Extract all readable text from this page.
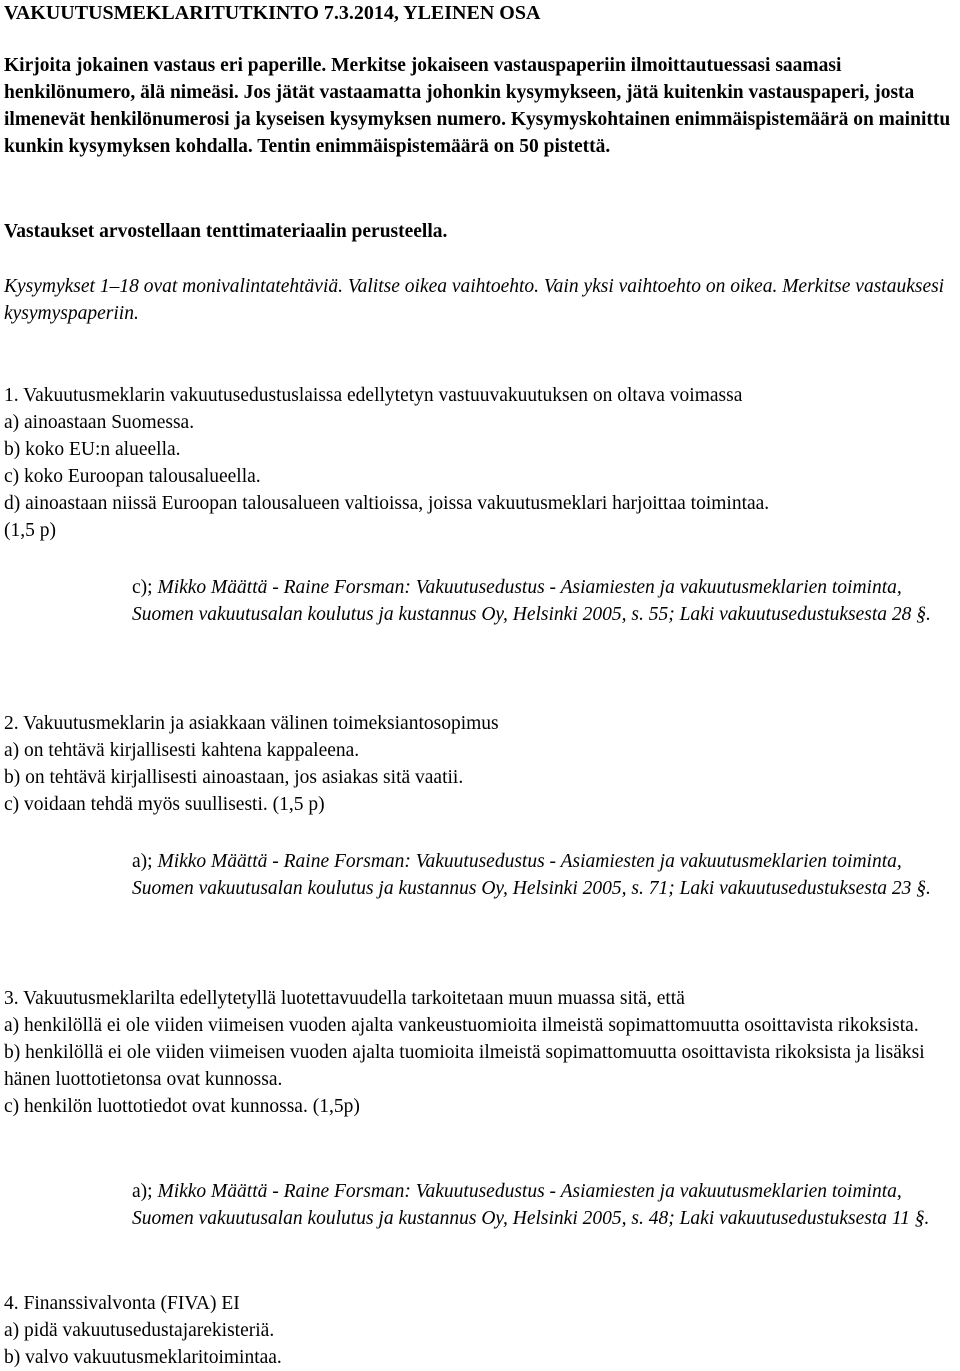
VAKUUTUSMEKLARITUTKINTO 7.3.2014, YLEINEN OSA
Kirjoita jokainen vastaus eri paperille. Merkitse jokaiseen vastauspaperiin ilmoittautuessasi saamasi henkilönumero, älä nimeäsi. Jos jätät vastaamatta johonkin kysymykseen, jätä kuitenkin vastauspaperi, josta ilmenevät henkilönumerosi ja kyseisen kysymyksen numero. Kysymyskohtainen enimmäispistemäärä on mainittu kunkin kysymyksen kohdalla. Tentin enimmäispistemäärä on 50 pistettä.
Vastaukset arvostellaan tenttimateriaalin perusteella.
Kysymykset 1–18 ovat monivalintatehtäviä. Valitse oikea vaihtoehto. Vain yksi vaihtoehto on oikea. Merkitse vastauksesi kysymyspaperiin.
1. Vakuutusmeklarin vakuutusedustuslaissa edellytetyn vastuuvakuutuksen on oltava voimassa
a) ainoastaan Suomessa.
b) koko EU:n alueella.
c) koko Euroopan talousalueella.
d) ainoastaan niissä Euroopan talousalueen valtioissa, joissa vakuutusmeklari harjoittaa toimintaa.
(1,5 p)
c); Mikko Määttä - Raine Forsman: Vakuutusedustus - Asiamiesten ja vakuutusmeklarien toiminta, Suomen vakuutusalan koulutus ja kustannus Oy, Helsinki 2005, s. 55; Laki vakuutusedustuksesta 28 §.
2. Vakuutusmeklarin ja asiakkaan välinen toimeksiantosopimus
a) on tehtävä kirjallisesti kahtena kappaleena.
b) on tehtävä kirjallisesti ainoastaan, jos asiakas sitä vaatii.
c) voidaan tehdä myös suullisesti. (1,5 p)
a); Mikko Määttä - Raine Forsman: Vakuutusedustus - Asiamiesten ja vakuutusmeklarien toiminta, Suomen vakuutusalan koulutus ja kustannus Oy, Helsinki 2005, s. 71; Laki vakuutusedustuksesta 23 §.
3. Vakuutusmeklarilta edellytetyllä luotettavuudella tarkoitetaan muun muassa sitä, että
a) henkilöllä ei ole viiden viimeisen vuoden ajalta vankeustuomioita ilmeistä sopimattomuutta osoittavista rikoksista.
b) henkilöllä ei ole viiden viimeisen vuoden ajalta tuomioita ilmeistä sopimattomuutta osoittavista rikoksista ja lisäksi hänen luottotietonsa ovat kunnossa.
c) henkilön luottotiedot ovat kunnossa. (1,5p)
a); Mikko Määttä - Raine Forsman: Vakuutusedustus - Asiamiesten ja vakuutusmeklarien toiminta, Suomen vakuutusalan koulutus ja kustannus Oy, Helsinki 2005, s. 48; Laki vakuutusedustuksesta 11 §.
4. Finanssivalvonta (FIVA) EI
a) pidä vakuutusedustajarekisteriä.
b) valvo vakuutusmeklaritoimintaa.
